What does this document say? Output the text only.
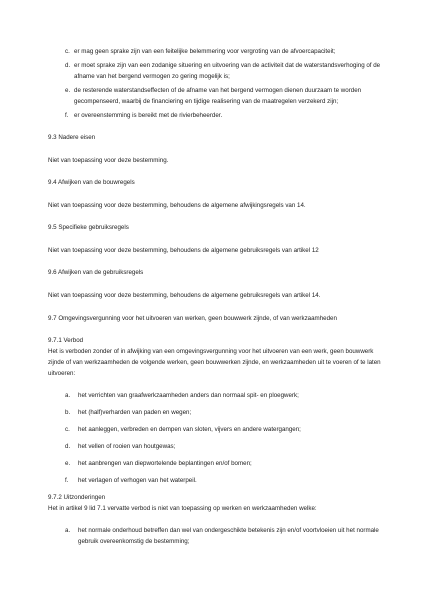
c. er mag geen sprake zijn van een feitelijke belemmering voor vergroting van de afvoercapaciteit;
d. er moet sprake zijn van een zodanige situering en uitvoering van de activiteit dat de waterstandsverhoging of de afname van het bergend vermogen zo gering mogelijk is;
e. de resterende waterstandseffecten of de afname van het bergend vermogen dienen duurzaam te worden gecompenseerd, waarbij de financiering en tijdige realisering van de maatregelen verzekerd zijn;
f. er overeenstemming is bereikt met de rivierbeheerder.
9.3 Nadere eisen
Niet van toepassing voor deze bestemming.
9.4 Afwijken van de bouwregels
Niet van toepassing voor deze bestemming, behoudens de algemene afwijkingsregels van 14.
9.5 Specifieke gebruiksregels
Niet van toepassing voor deze bestemming, behoudens de algemene gebruiksregels van artikel 12
9.6 Afwijken van de gebruiksregels
Niet van toepassing voor deze bestemming, behoudens de algemene gebruiksregels van artikel 14.
9.7 Omgevingsvergunning voor het uitvoeren van werken, geen bouwwerk zijnde, of van werkzaamheden
9.7.1 Verbod
Het is verboden zonder of in afwijking van een omgevingsvergunning voor het uitvoeren van een werk, geen bouwwerk zijnde of van werkzaamheden de volgende werken, geen bouwwerken zijnde, en werkzaamheden uit te voeren of te laten uitvoeren:
a. het verrichten van graafwerkzaamheden anders dan normaal spit- en ploegwerk;
b. het (half)verharden van paden en wegen;
c. het aanleggen, verbreden en dempen van sloten, vijvers en andere watergangen;
d. het vellen of rooien van houtgewas;
e. het aanbrengen van diepwortelende beplantingen en/of bomen;
f. het verlagen of verhogen van het waterpeil.
9.7.2 Uitzonderingen
Het in artikel 9 lid 7.1 vervatte verbod is niet van toepassing op werken en werkzaamheden welke:
a. het normale onderhoud betreffen dan wel van ondergeschikte betekenis zijn en/of voortvloeien uit het normale gebruik overeenkomstig de bestemming;
